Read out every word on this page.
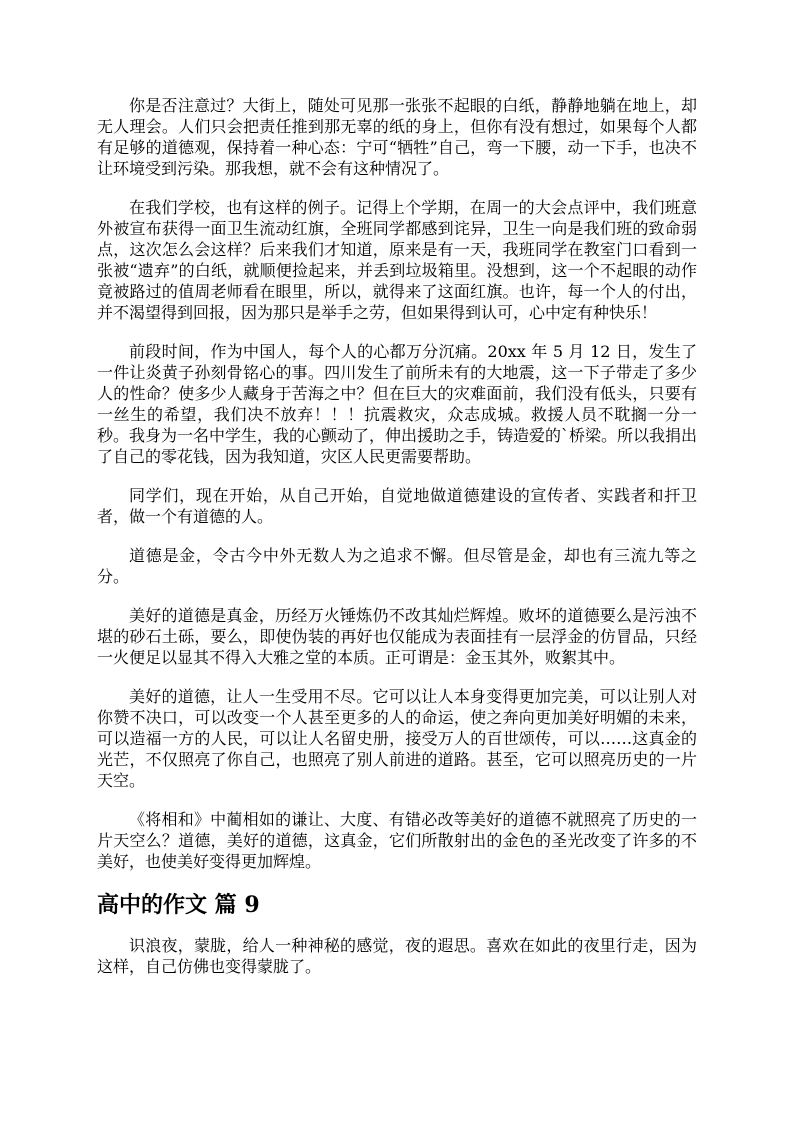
你是否注意过？大街上，随处可见那一张张不起眼的白纸，静静地躺在地上，却无人理会。人们只会把责任推到那无辜的纸的身上，但你有没有想过，如果每个人都有足够的道德观，保持着一种心态：宁可“牺牲”自己，弯一下腰，动一下手，也决不让环境受到污染。那我想，就不会有这种情况了。

在我们学校，也有这样的例子。记得上个学期，在周一的大会点评中，我们班意外被宣布获得一面卫生流动红旗，全班同学都感到诧异，卫生一向是我们班的致命弱点，这次怎么会这样？后来我们才知道，原来是有一天，我班同学在教室门口看到一张被“遗弃”的白纸，就顺便捡起来，并丢到垃圾箱里。没想到，这一个不起眼的动作竟被路过的值周老师看在眼里，所以，就得来了这面红旗。也许，每一个人的付出，并不渴望得到回报，因为那只是举手之劳，但如果得到认可，心中定有种快乐！

前段时间，作为中国人，每个人的心都万分沉痛。20xx 年 5 月 12 日，发生了一件让炎黄子孙刻骨铭心的事。四川发生了前所未有的大地震，这一下子带走了多少人的性命？使多少人藏身于苦海之中？但在巨大的灾难面前，我们没有低头，只要有一丝生的希望，我们决不放弃！！！抗震救灾，众志成城。救援人员不耽搁一分一秒。我身为一名中学生，我的心颤动了，伸出援助之手，铸造爱的`桥梁。所以我捐出了自己的零花钱，因为我知道，灾区人民更需要帮助。

同学们，现在开始，从自己开始，自觉地做道德建设的宣传者、实践者和扞卫者，做一个有道德的人。

道德是金，令古今中外无数人为之追求不懈。但尽管是金，却也有三流九等之分。

美好的道德是真金，历经万火锤炼仍不改其灿烂辉煌。败坏的道德要么是污浊不堪的砂石土砾，要么，即使伪装的再好也仅能成为表面挂有一层浮金的仿冒品，只经一火便足以显其不得入大雅之堂的本质。正可谓是：金玉其外，败絮其中。

美好的道德，让人一生受用不尽。它可以让人本身变得更加完美，可以让别人对你赞不决口，可以改变一个人甚至更多的人的命运，使之奔向更加美好明媚的未来，可以造福一方的人民，可以让人名留史册，接受万人的百世颂传，可以……这真金的光芒，不仅照亮了你自己，也照亮了别人前进的道路。甚至，它可以照亮历史的一片天空。

《将相和》中蔺相如的谦让、大度、有错必改等美好的道德不就照亮了历史的一片天空么？道德，美好的道德，这真金，它们所散射出的金色的圣光改变了许多的不美好，也使美好变得更加辉煌。

高中的作文 篇 9

识浪夜，蒙胧，给人一种神秘的感觉，夜的遐思。喜欢在如此的夜里行走，因为这样，自己仿佛也变得蒙胧了。
